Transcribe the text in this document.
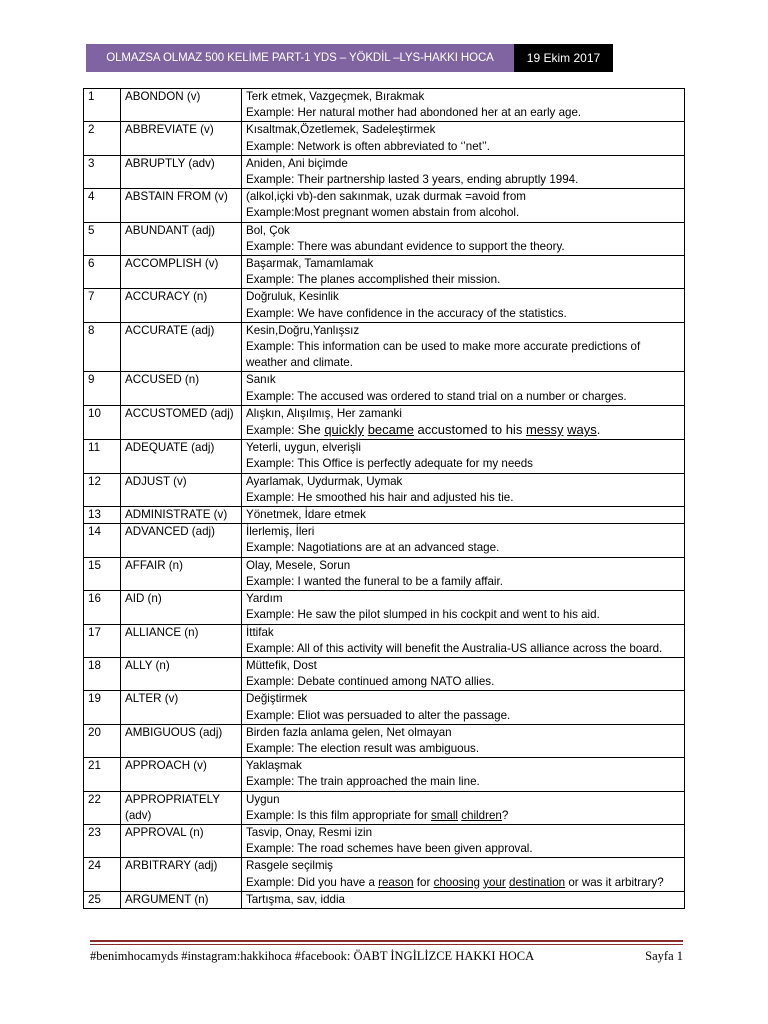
OLMAZSA OLMAZ 500 KELİME PART-1 YDS – YÖKDİL –LYS-HAKKI HOCA	19 Ekim 2017
1	ABONDON (v)	Terk etmek, Vazgeçmek, Bırakmak
Example: Her natural mother had abondoned her at an early age.

2	ABBREVIATE (v)	Kısaltmak,Özetlemek, Sadeleştirmek
Example: Network is often abbreviated to ‘’net’’.

3	ABRUPTLY (adv)	Aniden, Ani biçimde
Example: Their partnership lasted 3 years, ending abruptly 1994.

4	ABSTAIN FROM (v)	(alkol,içki vb)-den sakınmak, uzak durmak =avoid from
Example:Most pregnant women abstain from alcohol.

5	ABUNDANT (adj)	Bol, Çok
Example: There was abundant evidence to support the theory.

6	ACCOMPLISH (v)	Başarmak, Tamamlamak
Example: The planes accomplished their mission.

7	ACCURACY (n)	Doğruluk, Kesinlik
Example: We have confidence in the accuracy of the statistics.

8	ACCURATE (adj)	Kesin,Doğru,Yanlışsız
Example: This information can be used to make more accurate predictions of weather and climate.

9	ACCUSED (n)	Sanık
Example: The accused was ordered to stand trial on a number or charges.

10	ACCUSTOMED (adj)	Alışkın, Alışılmış, Her zamanki
Example: She quickly became accustomed to his messy ways.

11	ADEQUATE (adj)	Yeterli, uygun, elverişli
Example: This Office is perfectly adequate for my needs

12	ADJUST (v)	Ayarlamak, Uydurmak, Uymak
Example: He smoothed his hair and adjusted his tie.

13	ADMINISTRATE (v)	Yönetmek, İdare etmek

14	ADVANCED (adj)	İlerlemiş, İleri
Example: Nagotiations are at an advanced stage.

15	AFFAIR (n)	Olay, Mesele, Sorun
Example: I wanted the funeral to be a family affair.

16	AID (n)	Yardım
Example: He saw the pilot slumped in his cockpit and went to his aid.

17	ALLIANCE (n)	İttifak
Example: All of this activity will benefit the Australia-US alliance across the board.

18	ALLY (n)	Müttefik, Dost
Example: Debate continued among NATO allies.

19	ALTER (v)	Değiştirmek
Example: Eliot was persuaded to alter the passage.

20	AMBIGUOUS (adj)	Birden fazla anlama gelen, Net olmayan
Example: The election result was ambiguous.

21	APPROACH (v)	Yaklaşmak
Example: The train approached the main line.

22	APPROPRIATELY (adv)	Uygun
Example: Is this film appropriate for small children?

23	APPROVAL (n)	Tasvip, Onay, Resmi izin
Example: The road schemes have been given approval.

24	ARBITRARY (adj)	Rasgele seçilmiş
Example: Did you have a reason for choosing your destination or was it arbitrary?

25	ARGUMENT (n)	Tartışma, sav, iddia
#benimhocamyds #instagram:hakkihoca #facebook: ÖABT İNGİLİZCE HAKKI HOCA	Sayfa 1
